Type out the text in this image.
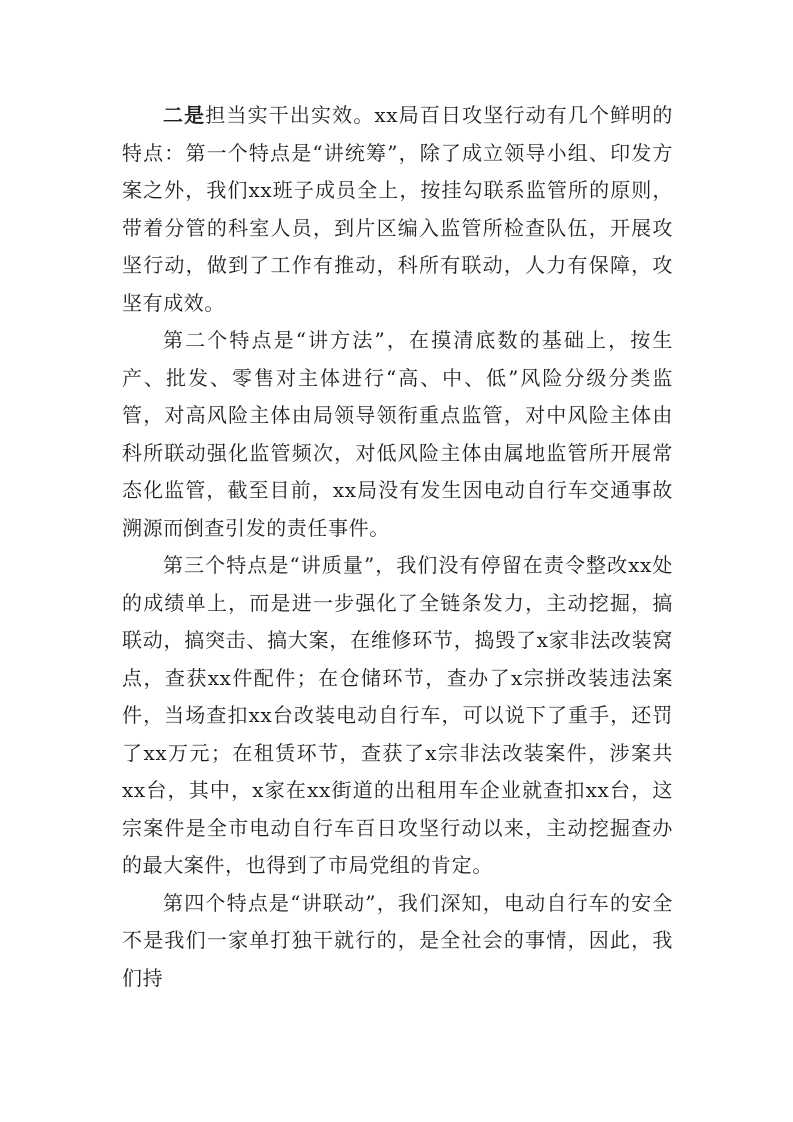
二是担当实干出实效。xx局百日攻坚行动有几个鲜明的特点：第一个特点是“讲统筹”，除了成立领导小组、印发方案之外，我们xx班子成员全上，按挂勾联系监管所的原则，带着分管的科室人员，到片区编入监管所检查队伍，开展攻坚行动，做到了工作有推动，科所有联动，人力有保障，攻坚有成效。

第二个特点是“讲方法”，在摸清底数的基础上，按生产、批发、零售对主体进行“高、中、低”风险分级分类监管，对高风险主体由局领导领衔重点监管，对中风险主体由科所联动强化监管频次，对低风险主体由属地监管所开展常态化监管，截至目前，xx局没有发生因电动自行车交通事故溯源而倒查引发的责任事件。

第三个特点是“讲质量”，我们没有停留在责令整改xx处的成绩单上，而是进一步强化了全链条发力，主动挖掘，搞联动，搞突击、搞大案，在维修环节，捣毁了x家非法改装窝点，查获xx件配件；在仓储环节，查办了x宗拼改装违法案件，当场查扣xx台改装电动自行车，可以说下了重手，还罚了xx万元；在租赁环节，查获了x宗非法改装案件，涉案共xx台，其中，x家在xx街道的出租用车企业就查扣xx台，这宗案件是全市电动自行车百日攻坚行动以来，主动挖掘查办的最大案件，也得到了市局党组的肯定。

第四个特点是“讲联动”，我们深知，电动自行车的安全不是我们一家单打独干就行的，是全社会的事情，因此，我们持
